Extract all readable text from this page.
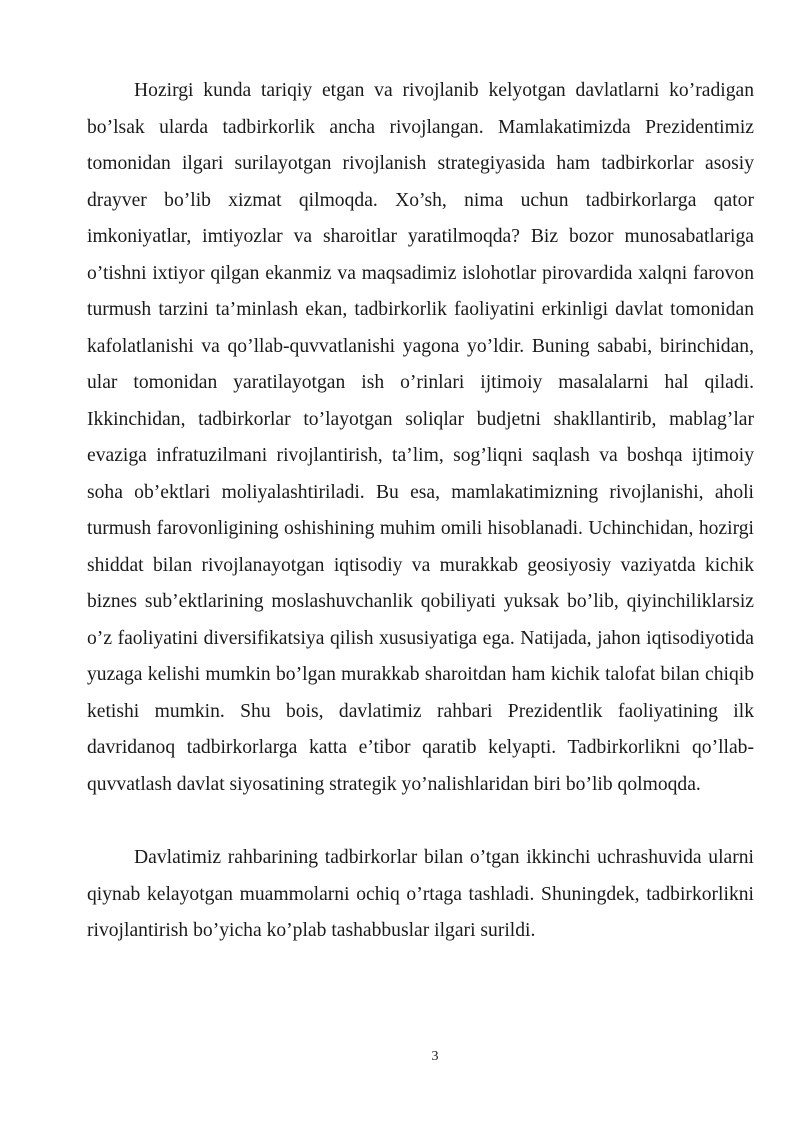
Hozirgi kunda tariqiy etgan va rivojlanib kelyotgan davlatlarni ko’radigan bo’lsak ularda tadbirkorlik ancha rivojlangan. Mamlakatimizda Prezidentimiz tomonidan ilgari surilayotgan rivojlanish strategiyasida ham tadbirkorlar asosiy drayver bo’lib xizmat qilmoqda. Xo’sh, nima uchun tadbirkorlarga qator imkoniyatlar, imtiyozlar va sharoitlar yaratilmoqda? Biz bozor munosabatlariga o’tishni ixtiyor qilgan ekanmiz va maqsadimiz islohotlar pirovardida xalqni farovon turmush tarzini ta’minlash ekan, tadbirkorlik faoliyatini erkinligi davlat tomonidan kafolatlanishi va qo’llab-quvvatlanishi yagona yo’ldir. Buning sababi, birinchidan, ular tomonidan yaratilayotgan ish o’rinlari ijtimoiy masalalarni hal qiladi. Ikkinchidan, tadbirkorlar to’layotgan soliqlar budjetni shakllantirib, mablag’lar evaziga infratuzilmani rivojlantirish, ta’lim, sog’liqni saqlash va boshqa ijtimoiy soha ob’ektlari moliyalashtiriladi. Bu esa, mamlakatimizning rivojlanishi, aholi turmush farovonligining oshishining muhim omili hisoblanadi. Uchinchidan, hozirgi shiddat bilan rivojlanayotgan iqtisodiy va murakkab geosiyosiy vaziyatda kichik biznes sub’ektlarining moslashuvchanlik qobiliyati yuksak bo’lib, qiyinchiliklarsiz o’z faoliyatini diversifikatsiya qilish xususiyatiga ega. Natijada, jahon iqtisodiyotida yuzaga kelishi mumkin bo’lgan murakkab sharoitdan ham kichik talofat bilan chiqib ketishi mumkin. Shu bois, davlatimiz rahbari Prezidentlik faoliyatining ilk davridanoq tadbirkorlarga katta e’tibor qaratib kelyapti. Tadbirkorlikni qo’llab-quvvatlash davlat siyosatining strategik yo’nalishlaridan biri bo’lib qolmoqda.

Davlatimiz rahbarining tadbirkorlar bilan o’tgan ikkinchi uchrashuvida ularni qiynab kelayotgan muammolarni ochiq o’rtaga tashladi. Shuningdek, tadbirkorlikni rivojlantirish bo’yicha ko’plab tashabbuslar ilgari surildi.

3
